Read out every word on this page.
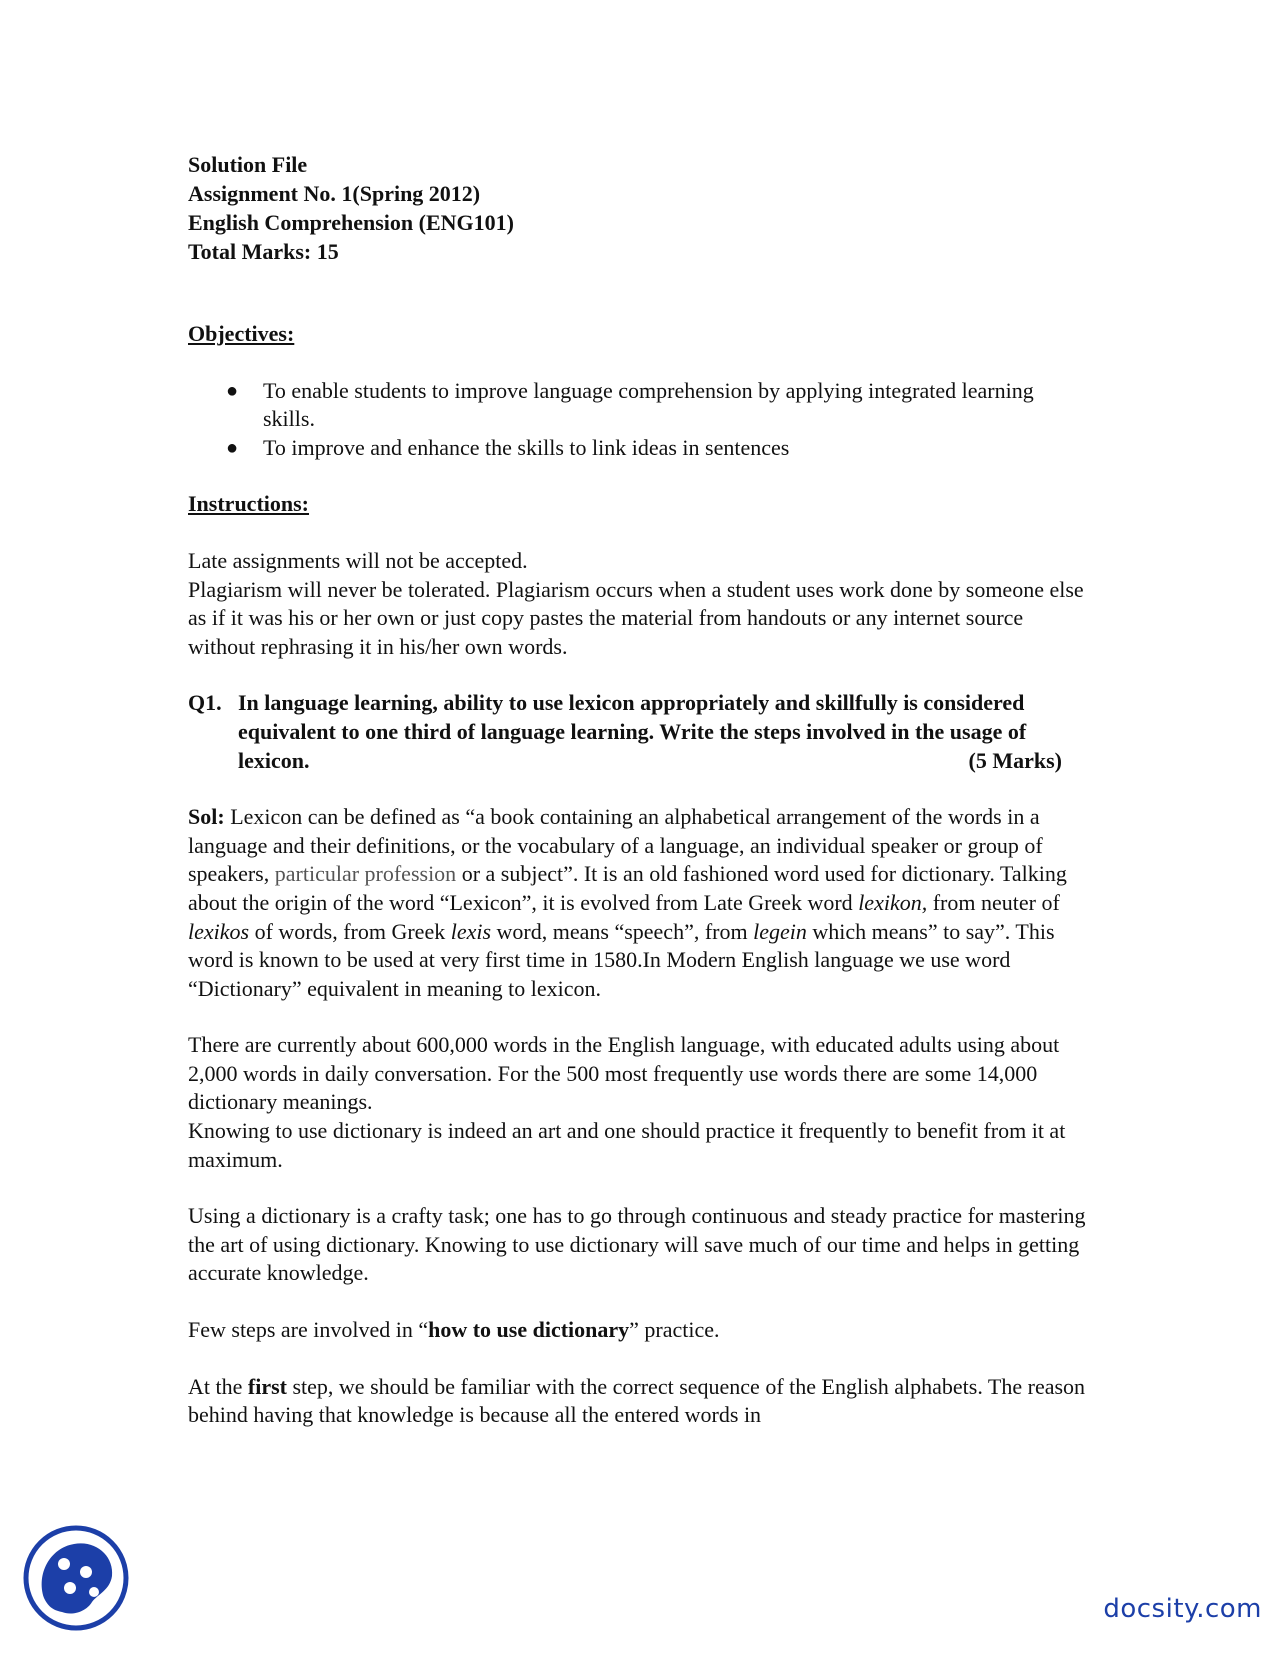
Solution File

Assignment No. 1(Spring 2012)

English Comprehension (ENG101)

Total Marks: 15

Objectives:

● To enable students to improve language comprehension by applying integrated learning skills.
● To improve and enhance the skills to link ideas in sentences

Instructions:

Late assignments will not be accepted.

Plagiarism will never be tolerated. Plagiarism occurs when a student uses work done by someone else as if it was his or her own or just copy pastes the material from handouts or any internet source without rephrasing it in his/her own words.

Q1. In language learning, ability to use lexicon appropriately and skillfully is considered equivalent to one third of language learning. Write the steps involved in the usage of lexicon.	(5 Marks)

Sol: Lexicon can be defined as “a book containing an alphabetical arrangement of the words in a language and their definitions, or the vocabulary of a language, an individual speaker or group of speakers, particular profession or a subject”. It is an old fashioned word used for dictionary. Talking about the origin of the word “Lexicon”, it is evolved from Late Greek word lexikon, from neuter of lexikos of words, from Greek lexis word, means “speech”, from legein which means” to say”. This word is known to be used at very first time in 1580.In Modern English language we use word “Dictionary” equivalent in meaning to lexicon.

There are currently about 600,000 words in the English language, with educated adults using about 2,000 words in daily conversation. For the 500 most frequently use words there are some 14,000 dictionary meanings.

Knowing to use dictionary is indeed an art and one should practice it frequently to benefit from it at maximum.

Using a dictionary is a crafty task; one has to go through continuous and steady practice for mastering the art of using dictionary. Knowing to use dictionary will save much of our time and helps in getting accurate knowledge.

Few steps are involved in “how to use dictionary” practice.

At the first step, we should be familiar with the correct sequence of the English alphabets. The reason behind having that knowledge is because all the entered words in

docsity.com
